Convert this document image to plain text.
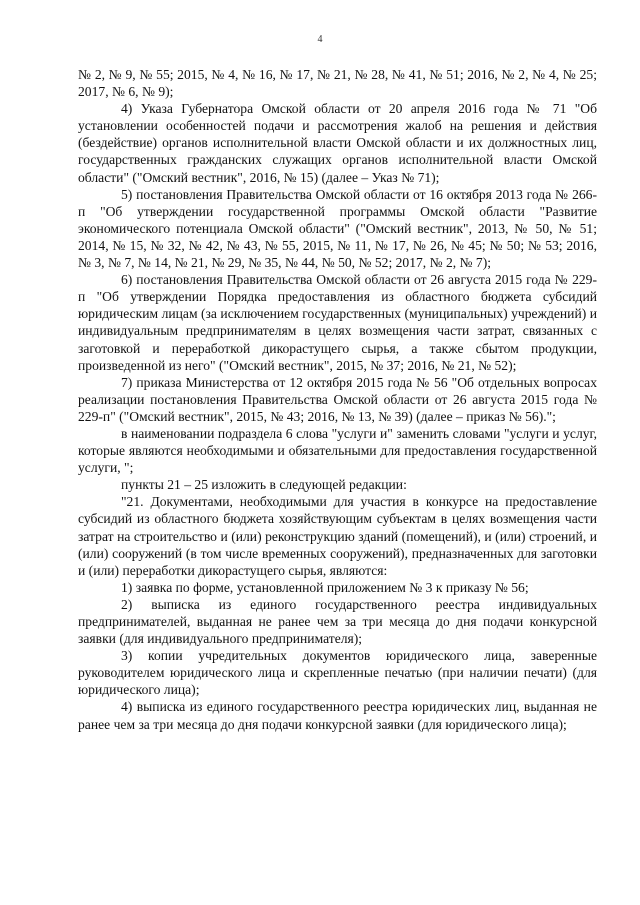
4

№ 2, № 9, № 55; 2015, № 4, № 16, № 17, № 21, № 28, № 41, № 51; 2016, № 2, № 4, № 25; 2017, № 6, № 9);

4) Указа Губернатора Омской области от 20 апреля 2016 года № 71 "Об установлении особенностей подачи и рассмотрения жалоб на решения и действия (бездействие) органов исполнительной власти Омской области и их должностных лиц, государственных гражданских служащих органов исполнительной власти Омской области" ("Омский вестник", 2016, № 15) (далее – Указ № 71);

5) постановления Правительства Омской области от 16 октября 2013 года № 266-п "Об утверждении государственной программы Омской области "Развитие экономического потенциала Омской области" ("Омский вестник", 2013, № 50, № 51; 2014, № 15, № 32, № 42, № 43, № 55, 2015, № 11, № 17, № 26, № 45; № 50; № 53; 2016, № 3, № 7, № 14, № 21, № 29, № 35, № 44, № 50, № 52; 2017, № 2, № 7);

6) постановления Правительства Омской области от 26 августа 2015 года № 229-п "Об утверждении Порядка предоставления из областного бюджета субсидий юридическим лицам (за исключением государственных (муниципальных) учреждений) и индивидуальным предпринимателям в целях возмещения части затрат, связанных с заготовкой и переработкой дикорастущего сырья, а также сбытом продукции, произведенной из него" ("Омский вестник", 2015, № 37; 2016, № 21, № 52);

7) приказа Министерства от 12 октября 2015 года № 56 "Об отдельных вопросах реализации постановления Правительства Омской области от 26 августа 2015 года № 229-п" ("Омский вестник", 2015, № 43; 2016, № 13, № 39) (далее – приказ № 56).";

в наименовании подраздела 6 слова "услуги и" заменить словами "услуги и услуг, которые являются необходимыми и обязательными для предоставления государственной услуги, ";

пункты 21 – 25 изложить в следующей редакции:

"21. Документами, необходимыми для участия в конкурсе на предоставление субсидий из областного бюджета хозяйствующим субъектам в целях возмещения части затрат на строительство и (или) реконструкцию зданий (помещений), и (или) строений, и (или) сооружений (в том числе временных сооружений), предназначенных для заготовки и (или) переработки дикорастущего сырья, являются:

1) заявка по форме, установленной приложением № 3 к приказу № 56;

2) выписка из единого государственного реестра индивидуальных предпринимателей, выданная не ранее чем за три месяца до дня подачи конкурсной заявки (для индивидуального предпринимателя);

3) копии учредительных документов юридического лица, заверенные руководителем юридического лица и скрепленные печатью (при наличии печати) (для юридического лица);

4) выписка из единого государственного реестра юридических лиц, выданная не ранее чем за три месяца до дня подачи конкурсной заявки (для юридического лица);
